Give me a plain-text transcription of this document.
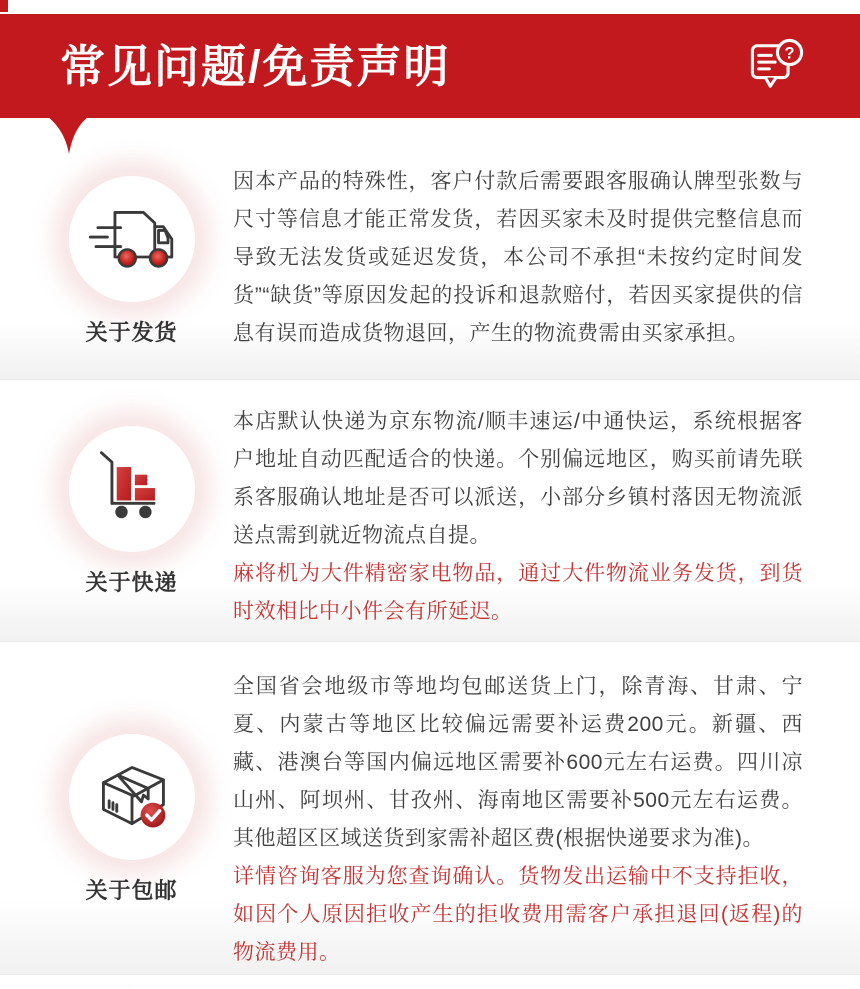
常见问题/免责声明	?
关于发货

因本产品的特殊性，客户付款后需要跟客服确认牌型张数与尺寸等信息才能正常发货，若因买家未及时提供完整信息而导致无法发货或延迟发货，本公司不承担“未按约定时间发货”“缺货”等原因发起的投诉和退款赔付，若因买家提供的信息有误而造成货物退回，产生的物流费需由买家承担。

关于快递

本店默认快递为京东物流/顺丰速运/中通快运，系统根据客户地址自动匹配适合的快递。个别偏远地区，购买前请先联系客服确认地址是否可以派送，小部分乡镇村落因无物流派送点需到就近物流点自提。

麻将机为大件精密家电物品，通过大件物流业务发货，到货时效相比中小件会有所延迟。

关于包邮

全国省会地级市等地均包邮送货上门，除青海、甘肃、宁夏、内蒙古等地区比较偏远需要补运费200元。新疆、西藏、港澳台等国内偏远地区需要补600元左右运费。四川凉山州、阿坝州、甘孜州、海南地区需要补500元左右运费。其他超区区域送货到家需补超区费(根据快递要求为准)。

详情咨询客服为您查询确认。货物发出运输中不支持拒收，如因个人原因拒收产生的拒收费用需客户承担退回(返程)的物流费用。
